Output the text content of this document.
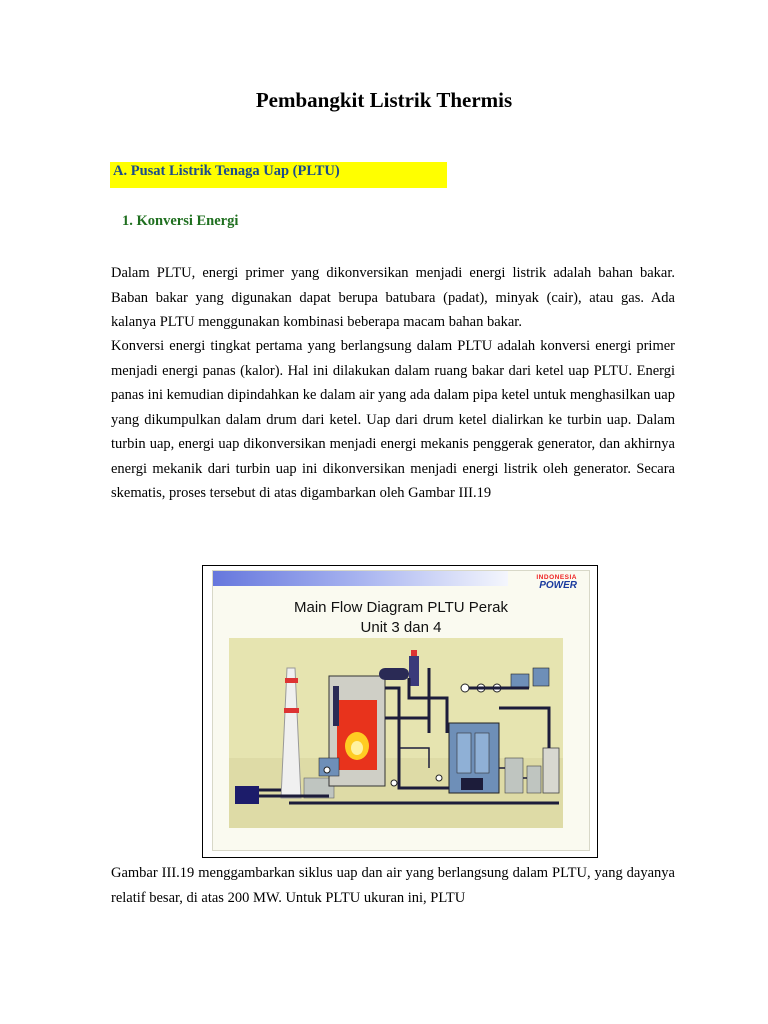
Pembangkit Listrik Thermis
A. Pusat Listrik Tenaga Uap (PLTU)
1. Konversi Energi

Dalam PLTU, energi primer yang dikonversikan menjadi energi listrik adalah bahan bakar. Baban bakar yang digunakan dapat berupa batubara (padat), minyak (cair), atau gas. Ada kalanya PLTU menggunakan kombinasi beberapa macam bahan bakar.

Konversi energi tingkat pertama yang berlangsung dalam PLTU adalah konversi energi primer menjadi energi panas (kalor). Hal ini dilakukan dalam ruang bakar dari ketel uap PLTU. Energi panas ini kemudian dipindahkan ke dalam air yang ada dalam pipa ketel untuk menghasilkan uap yang dikumpulkan dalam drum dari ketel. Uap dari drum ketel dialirkan ke turbin uap. Dalam turbin uap, energi uap dikonversikan menjadi energi mekanis penggerak generator, dan akhirnya energi mekanik dari turbin uap ini dikonversikan menjadi energi listrik oleh generator. Secara skematis, proses tersebut di atas digambarkan oleh Gambar III.19

INDONESIA
POWER
Main Flow Diagram PLTU Perak
Unit 3 dan 4

Gambar III.19 menggambarkan siklus uap dan air yang berlangsung dalam PLTU, yang dayanya relatif besar, di atas 200 MW. Untuk PLTU ukuran ini, PLTU
